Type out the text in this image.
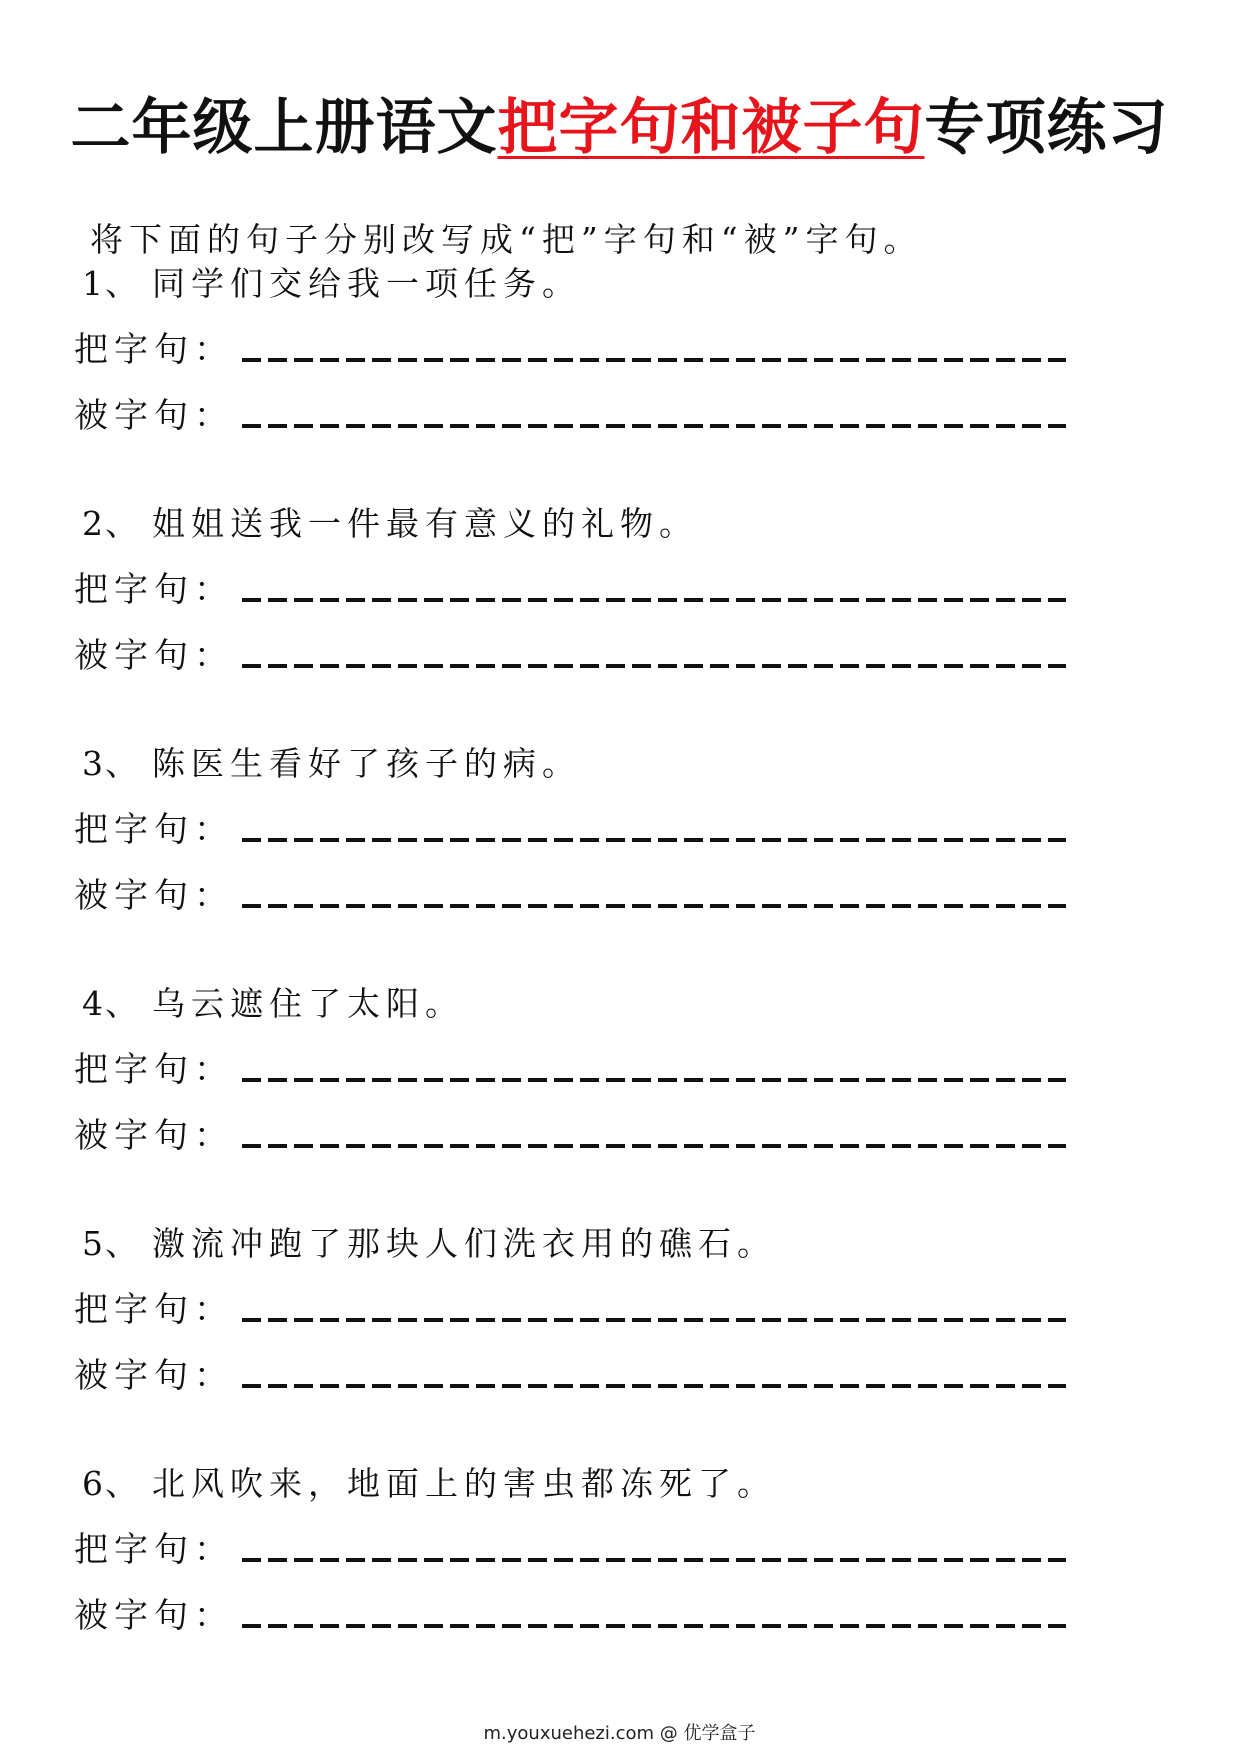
二年级上册语文把字句和被子句专项练习
将下面的句子分别改写成“把”字句和“被”字句。
1、 同学们交给我一项任务。
把字句：
被字句：
2、 姐姐送我一件最有意义的礼物。
把字句：
被字句：
3、 陈医生看好了孩子的病。
把字句：
被字句：
4、 乌云遮住了太阳。
把字句：
被字句：
5、 激流冲跑了那块人们洗衣用的礁石。
把字句：
被字句：
6、 北风吹来，地面上的害虫都冻死了。
把字句：
被字句：
m.youxuehezi.com @ 优学盒子
